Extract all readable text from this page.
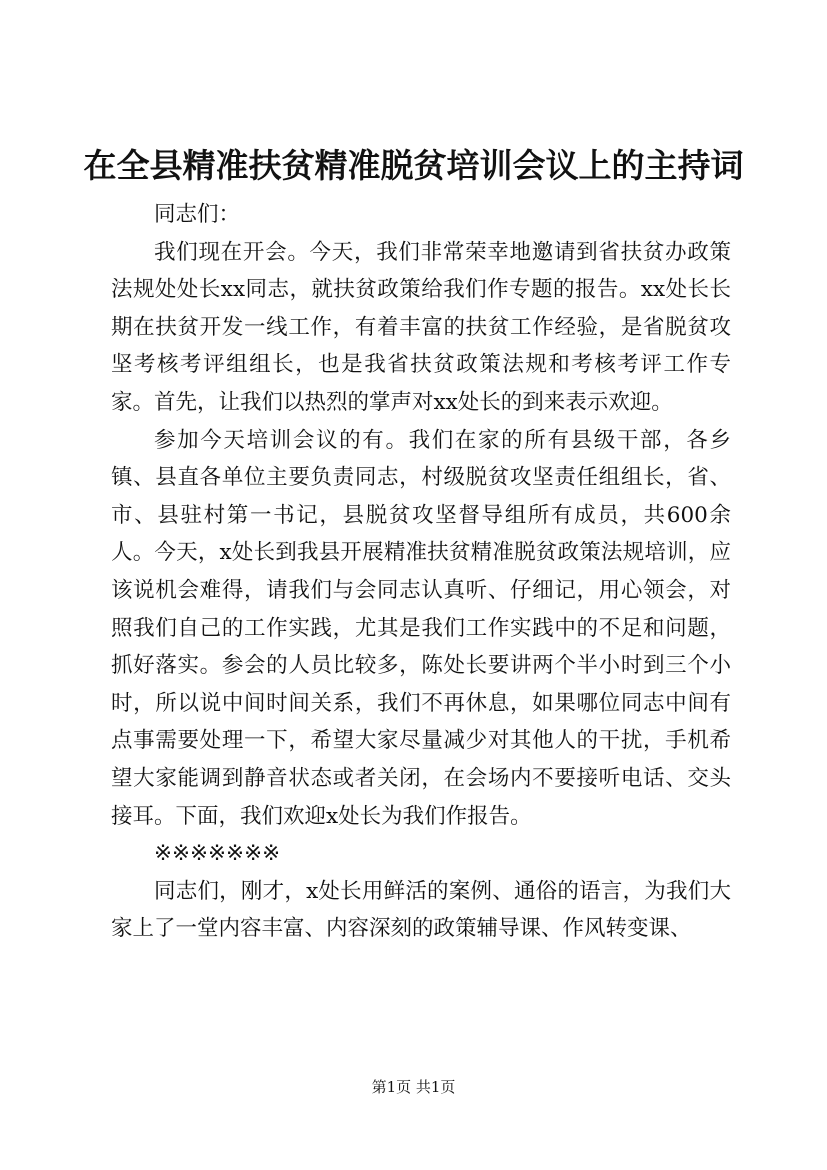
在全县精准扶贫精准脱贫培训会议上的主持词

同志们：

我们现在开会。今天，我们非常荣幸地邀请到省扶贫办政策法规处处长xx同志，就扶贫政策给我们作专题的报告。xx处长长期在扶贫开发一线工作，有着丰富的扶贫工作经验，是省脱贫攻坚考核考评组组长，也是我省扶贫政策法规和考核考评工作专家。首先，让我们以热烈的掌声对xx处长的到来表示欢迎。

参加今天培训会议的有。我们在家的所有县级干部，各乡镇、县直各单位主要负责同志，村级脱贫攻坚责任组组长，省、市、县驻村第一书记，县脱贫攻坚督导组所有成员，共600余人。今天，x处长到我县开展精准扶贫精准脱贫政策法规培训，应该说机会难得，请我们与会同志认真听、仔细记，用心领会，对照我们自己的工作实践，尤其是我们工作实践中的不足和问题，抓好落实。参会的人员比较多，陈处长要讲两个半小时到三个小时，所以说中间时间关系，我们不再休息，如果哪位同志中间有点事需要处理一下，希望大家尽量减少对其他人的干扰，手机希望大家能调到静音状态或者关闭，在会场内不要接听电话、交头接耳。下面，我们欢迎x处长为我们作报告。

※※※※※※※

同志们，刚才，x处长用鲜活的案例、通俗的语言，为我们大家上了一堂内容丰富、内容深刻的政策辅导课、作风转变课、

第1页 共1页
